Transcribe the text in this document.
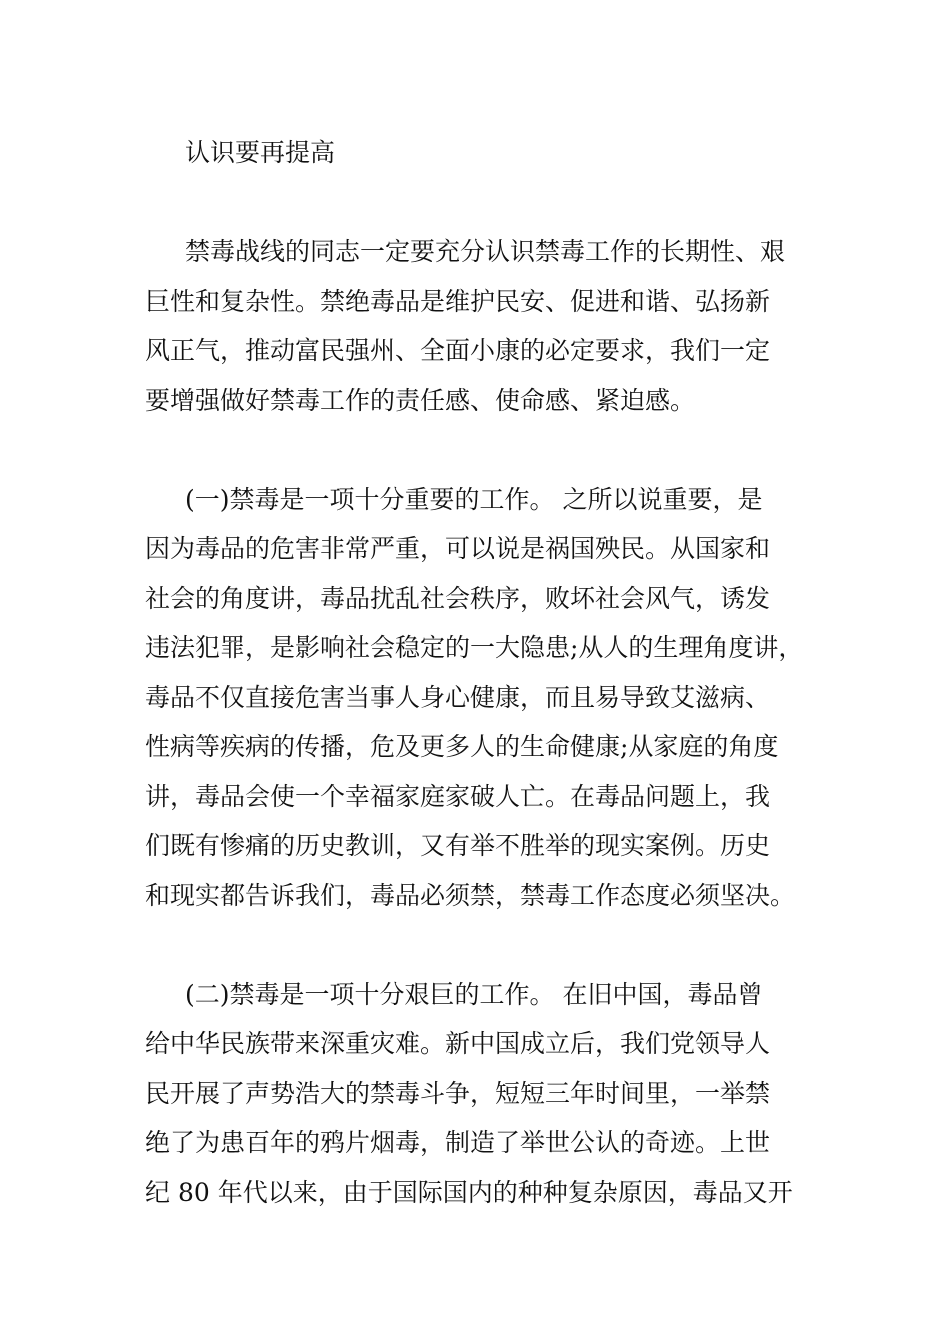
认识要再提高
禁毒战线的同志一定要充分认识禁毒工作的长期性、艰
巨性和复杂性。禁绝毒品是维护民安、促进和谐、弘扬新
风正气，推动富民强州、全面小康的必定要求，我们一定
要增强做好禁毒工作的责任感、使命感、紧迫感。
(一)禁毒是一项十分重要的工作。 之所以说重要，是
因为毒品的危害非常严重，可以说是祸国殃民。从国家和
社会的角度讲，毒品扰乱社会秩序，败坏社会风气，诱发
违法犯罪，是影响社会稳定的一大隐患;从人的生理角度讲，
毒品不仅直接危害当事人身心健康，而且易导致艾滋病、
性病等疾病的传播，危及更多人的生命健康;从家庭的角度
讲，毒品会使一个幸福家庭家破人亡。在毒品问题上，我
们既有惨痛的历史教训，又有举不胜举的现实案例。历史
和现实都告诉我们，毒品必须禁，禁毒工作态度必须坚决。
(二)禁毒是一项十分艰巨的工作。 在旧中国，毒品曾
给中华民族带来深重灾难。新中国成立后，我们党领导人
民开展了声势浩大的禁毒斗争，短短三年时间里，一举禁
绝了为患百年的鸦片烟毒，制造了举世公认的奇迹。上世
纪 80 年代以来，由于国际国内的种种复杂原因，毒品又开
